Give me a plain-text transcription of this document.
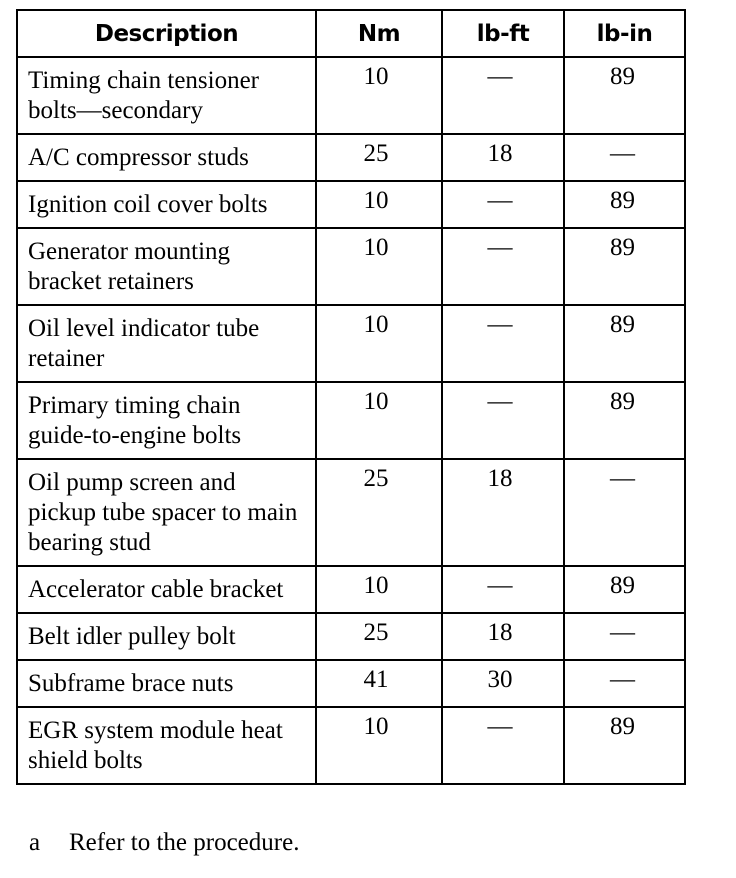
Description	Nm	lb-ft	lb-in
Timing chain tensioner bolts—secondary	10	—	89
A/C compressor studs	25	18	—
Ignition coil cover bolts	10	—	89
Generator mounting bracket retainers	10	—	89
Oil level indicator tube retainer	10	—	89
Primary timing chain guide-to-engine bolts	10	—	89
Oil pump screen and pickup tube spacer to main bearing stud	25	18	—
Accelerator cable bracket	10	—	89
Belt idler pulley bolt	25	18	—
Subframe brace nuts	41	30	—
EGR system module heat shield bolts	10	—	89
a Refer to the procedure.
